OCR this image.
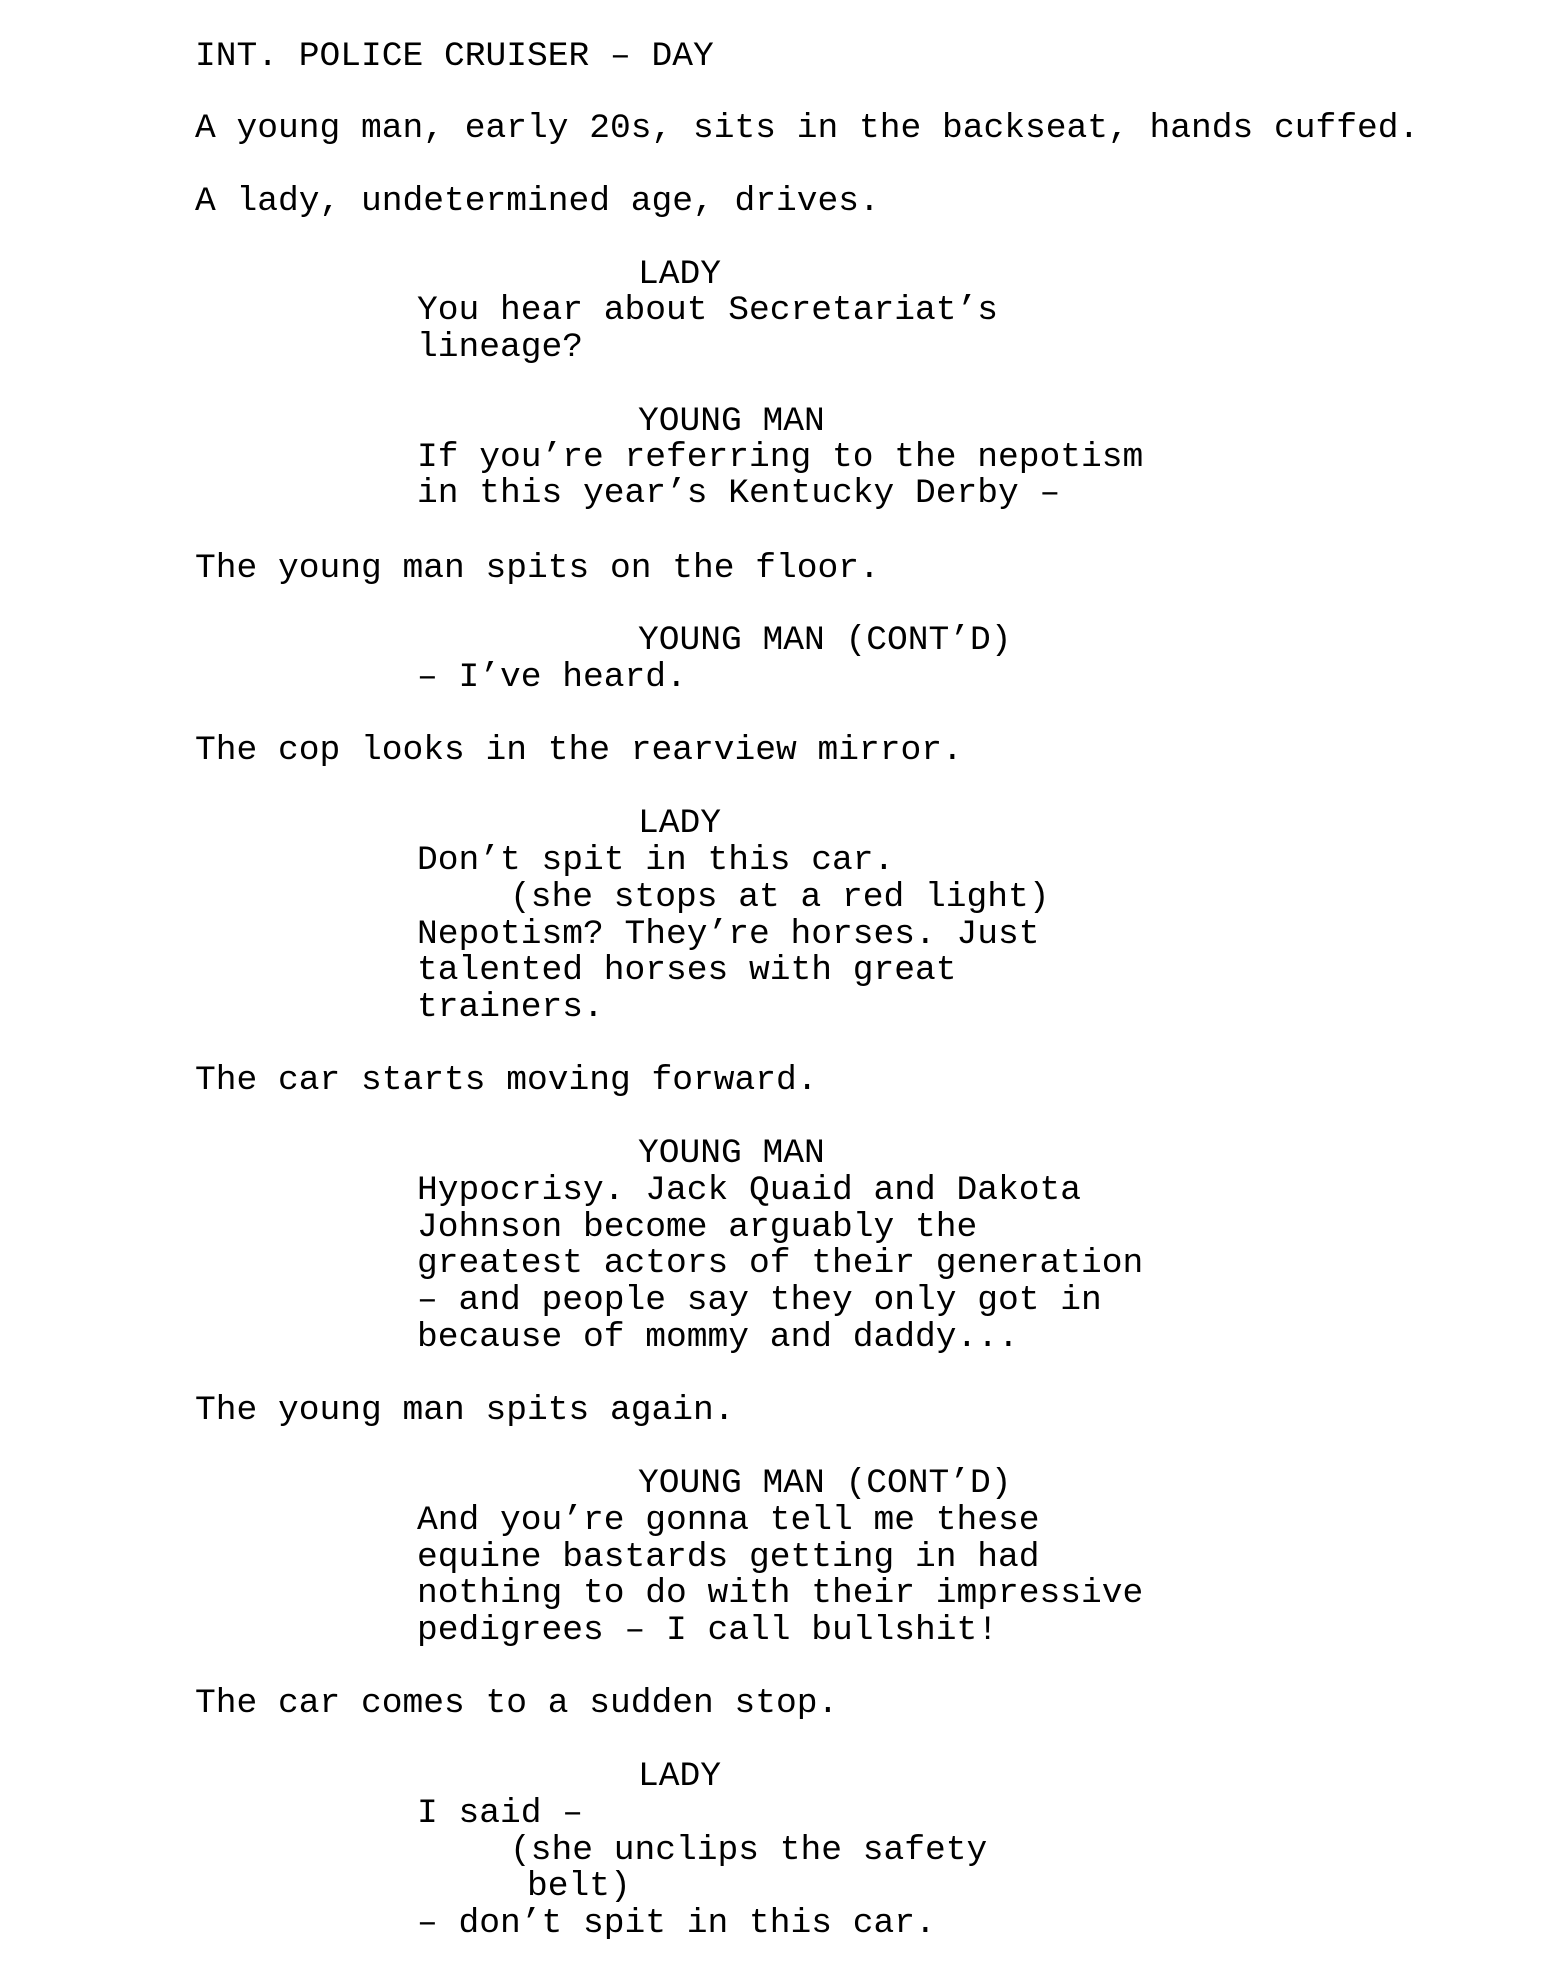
INT. POLICE CRUISER – DAY
A young man, early 20s, sits in the backseat, hands cuffed.
A lady, undetermined age, drives.
LADY
You hear about Secretariat’s
lineage?
YOUNG MAN
If you’re referring to the nepotism
in this year’s Kentucky Derby –
The young man spits on the floor.
YOUNG MAN (CONT’D)
– I’ve heard.
The cop looks in the rearview mirror.
LADY
Don’t spit in this car.
(she stops at a red light)
Nepotism? They’re horses. Just
talented horses with great
trainers.
The car starts moving forward.
YOUNG MAN
Hypocrisy. Jack Quaid and Dakota
Johnson become arguably the
greatest actors of their generation
– and people say they only got in
because of mommy and daddy...
The young man spits again.
YOUNG MAN (CONT’D)
And you’re gonna tell me these
equine bastards getting in had
nothing to do with their impressive
pedigrees – I call bullshit!
The car comes to a sudden stop.
LADY
I said –
(she unclips the safety
belt)
– don’t spit in this car.
